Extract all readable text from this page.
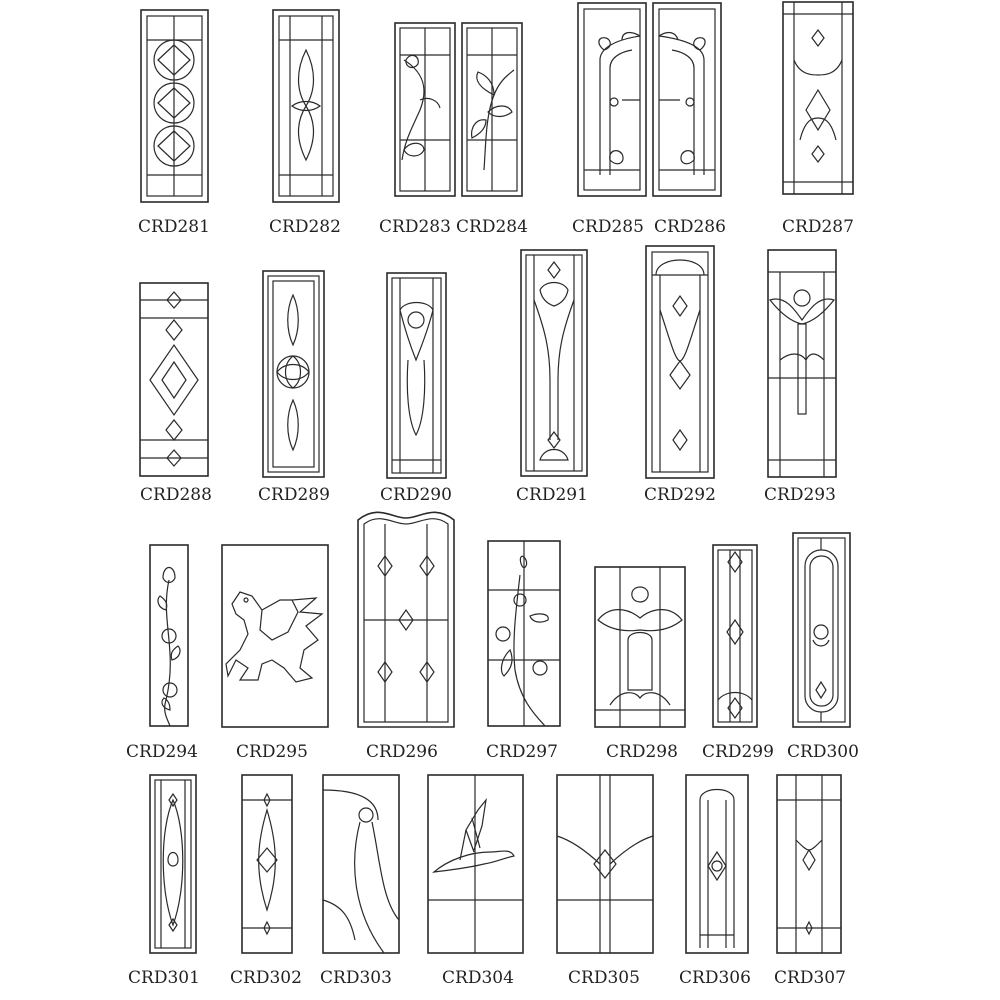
CRD281	CRD282 CRD283 CRD284	CRD285 CRD286	CRD287
CRD288	CRD289	CRD290	CRD291	CRD292	CRD293
CRD294 CRD295	CRD296	CRD297	CRD298 CRD299 CRD300
CRD301 CRD302 CRD303	CRD304	CRD305 CRD306 CRD307
